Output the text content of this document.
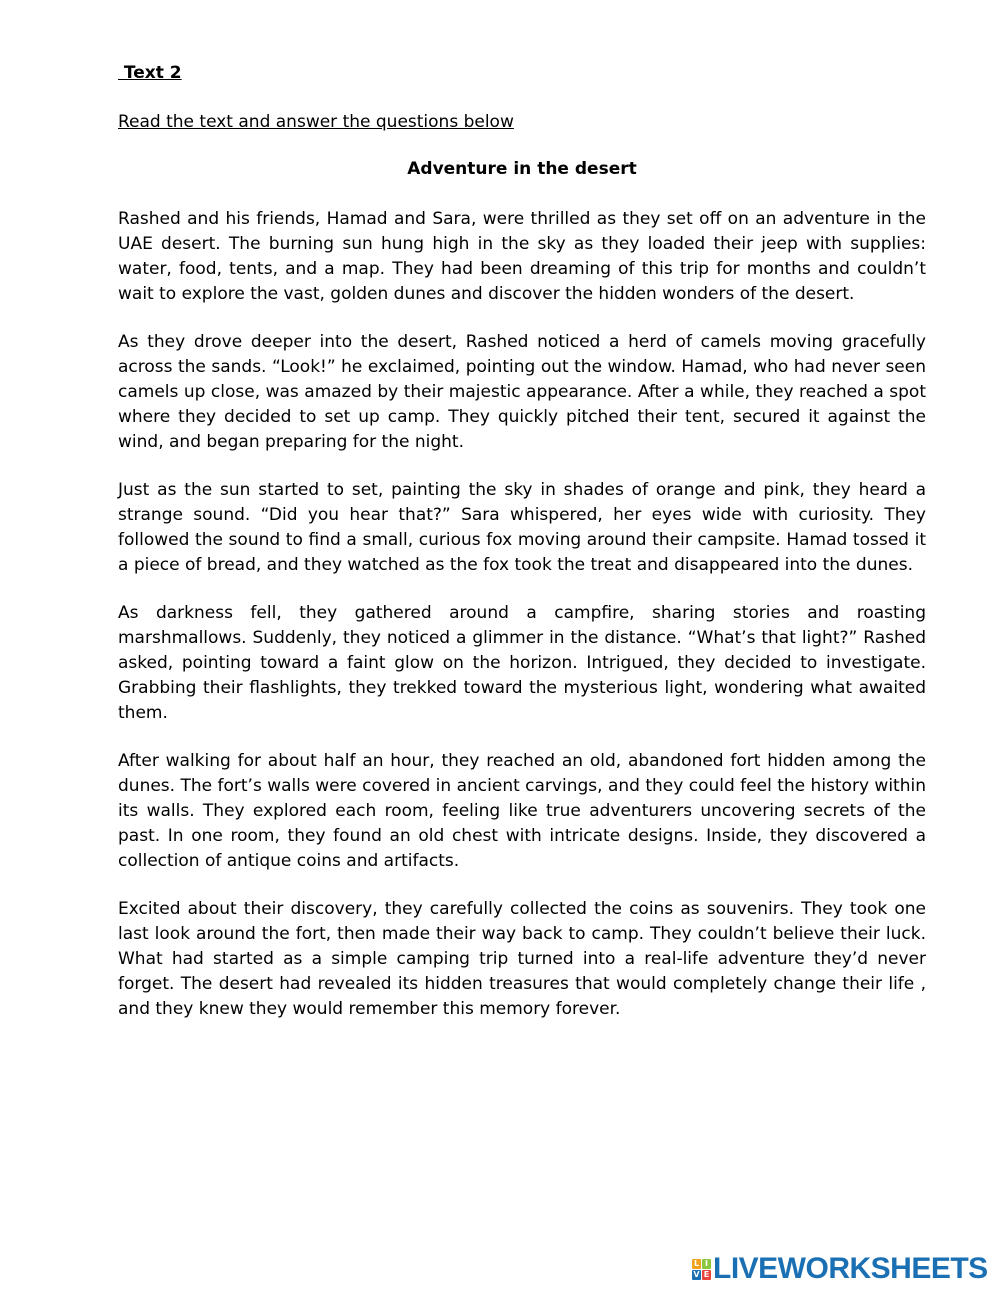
Text 2
Read the text and answer the questions below
Adventure in the desert

Rashed and his friends, Hamad and Sara, were thrilled as they set off on an adventure in the UAE desert. The burning sun hung high in the sky as they loaded their jeep with supplies: water, food, tents, and a map. They had been dreaming of this trip for months and couldn’t wait to explore the vast, golden dunes and discover the hidden wonders of the desert.

As they drove deeper into the desert, Rashed noticed a herd of camels moving gracefully across the sands. “Look!” he exclaimed, pointing out the window. Hamad, who had never seen camels up close, was amazed by their majestic appearance. After a while, they reached a spot where they decided to set up camp. They quickly pitched their tent, secured it against the wind, and began preparing for the night.

Just as the sun started to set, painting the sky in shades of orange and pink, they heard a strange sound. “Did you hear that?” Sara whispered, her eyes wide with curiosity. They followed the sound to find a small, curious fox moving around their campsite. Hamad tossed it a piece of bread, and they watched as the fox took the treat and disappeared into the dunes.

As darkness fell, they gathered around a campfire, sharing stories and roasting marshmallows. Suddenly, they noticed a glimmer in the distance. “What’s that light?” Rashed asked, pointing toward a faint glow on the horizon. Intrigued, they decided to investigate. Grabbing their flashlights, they trekked toward the mysterious light, wondering what awaited them.

After walking for about half an hour, they reached an old, abandoned fort hidden among the dunes. The fort’s walls were covered in ancient carvings, and they could feel the history within its walls. They explored each room, feeling like true adventurers uncovering secrets of the past. In one room, they found an old chest with intricate designs. Inside, they discovered a collection of antique coins and artifacts.

Excited about their discovery, they carefully collected the coins as souvenirs. They took one last look around the fort, then made their way back to camp. They couldn’t believe their luck. What had started as a simple camping trip turned into a real-life adventure they’d never forget. The desert had revealed its hidden treasures that would completely change their life , and they knew they would remember this memory forever.

L I
V E LIVEWORKSHEETS
